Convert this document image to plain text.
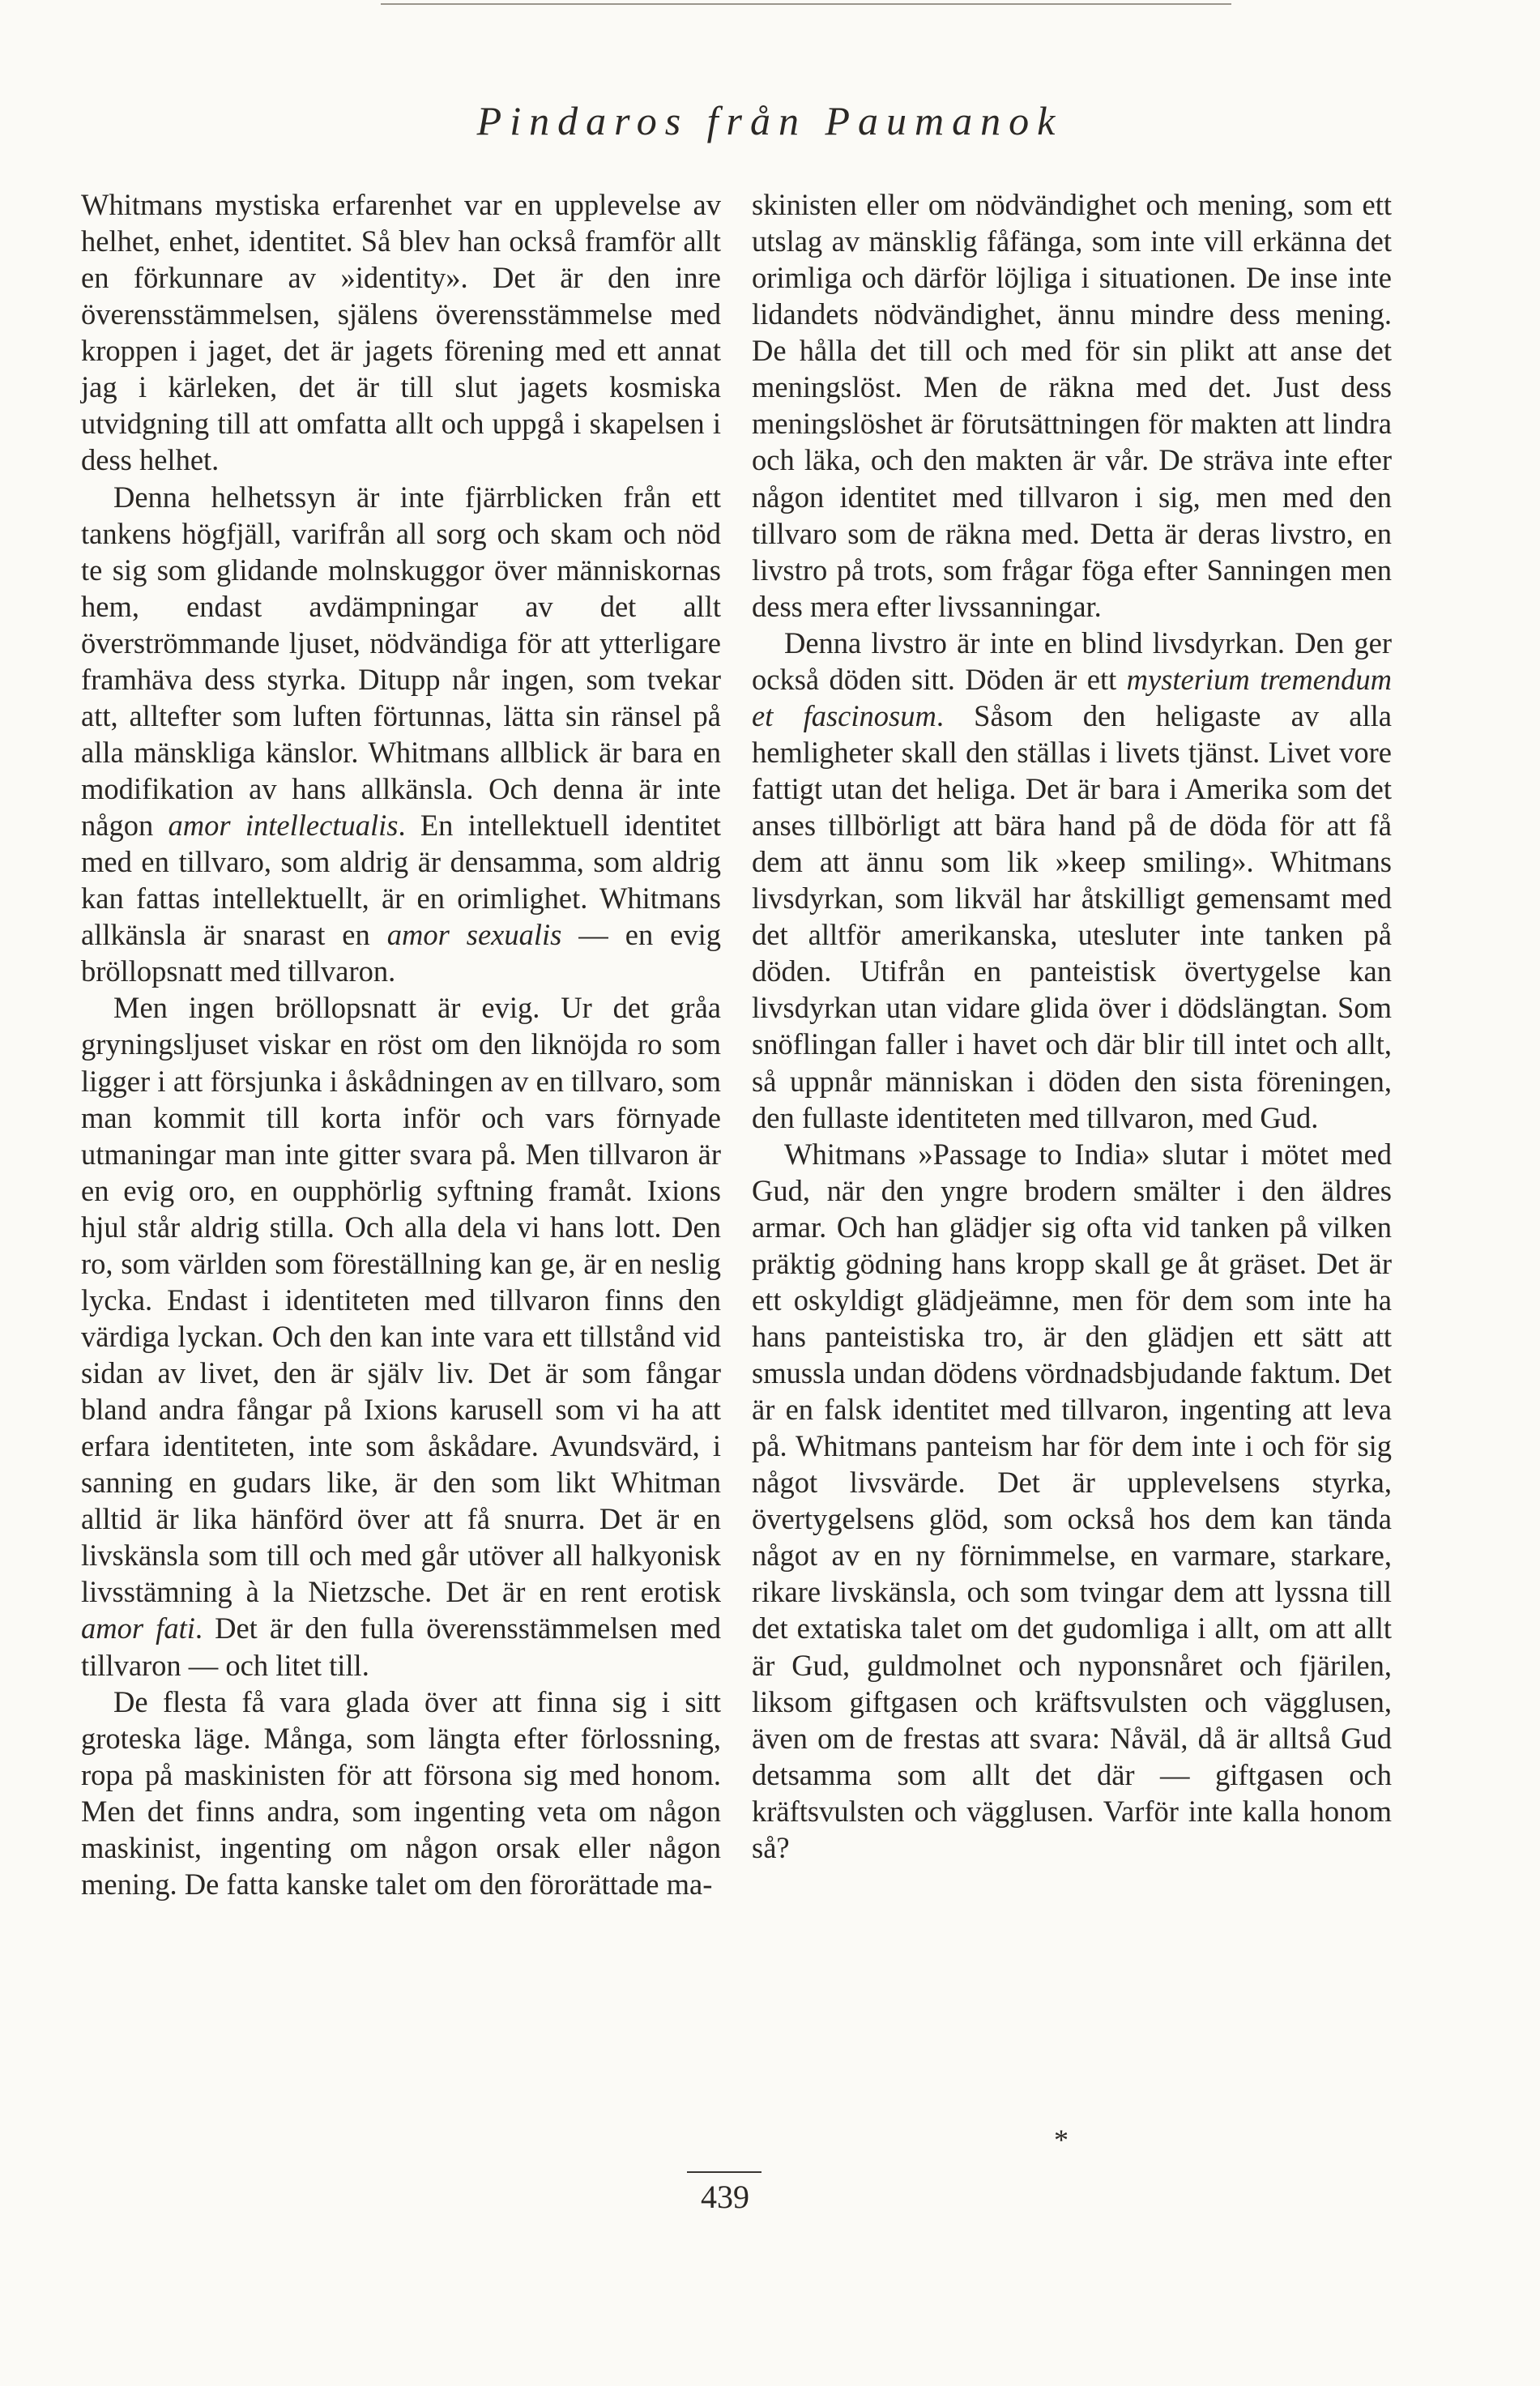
Pindaros från Paumanok

Whitmans mystiska erfarenhet var en upplevelse av helhet, enhet, identitet. Så blev han också framför allt en förkunnare av »identity». Det är den inre överensstämmelsen, själens överensstämmelse med kroppen i jaget, det är jagets förening med ett annat jag i kärleken, det är till slut jagets kosmiska utvidgning till att omfatta allt och uppgå i skapelsen i dess helhet.

Denna helhetssyn är inte fjärrblicken från ett tankens högfjäll, varifrån all sorg och skam och nöd te sig som glidande molnskuggor över människornas hem, endast avdämpningar av det allt överströmmande ljuset, nödvändiga för att ytterligare framhäva dess styrka. Ditupp når ingen, som tvekar att, alltefter som luften förtunnas, lätta sin ränsel på alla mänskliga känslor. Whitmans allblick är bara en modifikation av hans allkänsla. Och denna är inte någon amor intellectualis. En intellektuell identitet med en tillvaro, som aldrig är densamma, som aldrig kan fattas intellektuellt, är en orimlighet. Whitmans allkänsla är snarast en amor sexualis — en evig bröllopsnatt med tillvaron.

Men ingen bröllopsnatt är evig. Ur det gråa gryningsljuset viskar en röst om den liknöjda ro som ligger i att försjunka i åskådningen av en tillvaro, som man kommit till korta inför och vars förnyade utmaningar man inte gitter svara på. Men tillvaron är en evig oro, en oupphörlig syftning framåt. Ixions hjul står aldrig stilla. Och alla dela vi hans lott. Den ro, som världen som föreställning kan ge, är en neslig lycka. Endast i identiteten med tillvaron finns den värdiga lyckan. Och den kan inte vara ett tillstånd vid sidan av livet, den är själv liv. Det är som fångar bland andra fångar på Ixions karusell som vi ha att erfara identiteten, inte som åskådare. Avundsvärd, i sanning en gudars like, är den som likt Whitman alltid är lika hänförd över att få snurra. Det är en livskänsla som till och med går utöver all halkyonisk livsstämning à la Nietzsche. Det är en rent erotisk amor fati. Det är den fulla överensstämmelsen med tillvaron — och litet till.

De flesta få vara glada över att finna sig i sitt groteska läge. Många, som längta efter förlossning, ropa på maskinisten för att försona sig med honom. Men det finns andra, som ingenting veta om någon maskinist, ingenting om någon orsak eller någon mening. De fatta kanske talet om den förorättade ma-

skinisten eller om nödvändighet och mening, som ett utslag av mänsklig fåfänga, som inte vill erkänna det orimliga och därför löjliga i situationen. De inse inte lidandets nödvändighet, ännu mindre dess mening. De hålla det till och med för sin plikt att anse det meningslöst. Men de räkna med det. Just dess meningslöshet är förutsättningen för makten att lindra och läka, och den makten är vår. De sträva inte efter någon identitet med tillvaron i sig, men med den tillvaro som de räkna med. Detta är deras livstro, en livstro på trots, som frågar föga efter Sanningen men dess mera efter livssanningar.

Denna livstro är inte en blind livsdyrkan. Den ger också döden sitt. Döden är ett mysterium tremendum et fascinosum. Såsom den heligaste av alla hemligheter skall den ställas i livets tjänst. Livet vore fattigt utan det heliga. Det är bara i Amerika som det anses tillbörligt att bära hand på de döda för att få dem att ännu som lik »keep smiling». Whitmans livsdyrkan, som likväl har åtskilligt gemensamt med det alltför amerikanska, utesluter inte tanken på döden. Utifrån en panteistisk övertygelse kan livsdyrkan utan vidare glida över i dödslängtan. Som snöflingan faller i havet och där blir till intet och allt, så uppnår människan i döden den sista föreningen, den fullaste identiteten med tillvaron, med Gud.

Whitmans »Passage to India» slutar i mötet med Gud, när den yngre brodern smälter i den äldres armar. Och han glädjer sig ofta vid tanken på vilken präktig gödning hans kropp skall ge åt gräset. Det är ett oskyldigt glädjeämne, men för dem som inte ha hans panteistiska tro, är den glädjen ett sätt att smussla undan dödens vördnadsbjudande faktum. Det är en falsk identitet med tillvaron, ingenting att leva på. Whitmans panteism har för dem inte i och för sig något livsvärde. Det är upplevelsens styrka, övertygelsens glöd, som också hos dem kan tända något av en ny förnimmelse, en varmare, starkare, rikare livskänsla, och som tvingar dem att lyssna till det extatiska talet om det gudomliga i allt, om att allt är Gud, guldmolnet och nyponsnåret och fjärilen, liksom giftgasen och kräftsvulsten och vägglusen, även om de frestas att svara: Nåväl, då är alltså Gud detsamma som allt det där — giftgasen och kräftsvulsten och vägglusen. Varför inte kalla honom så?

*
439
